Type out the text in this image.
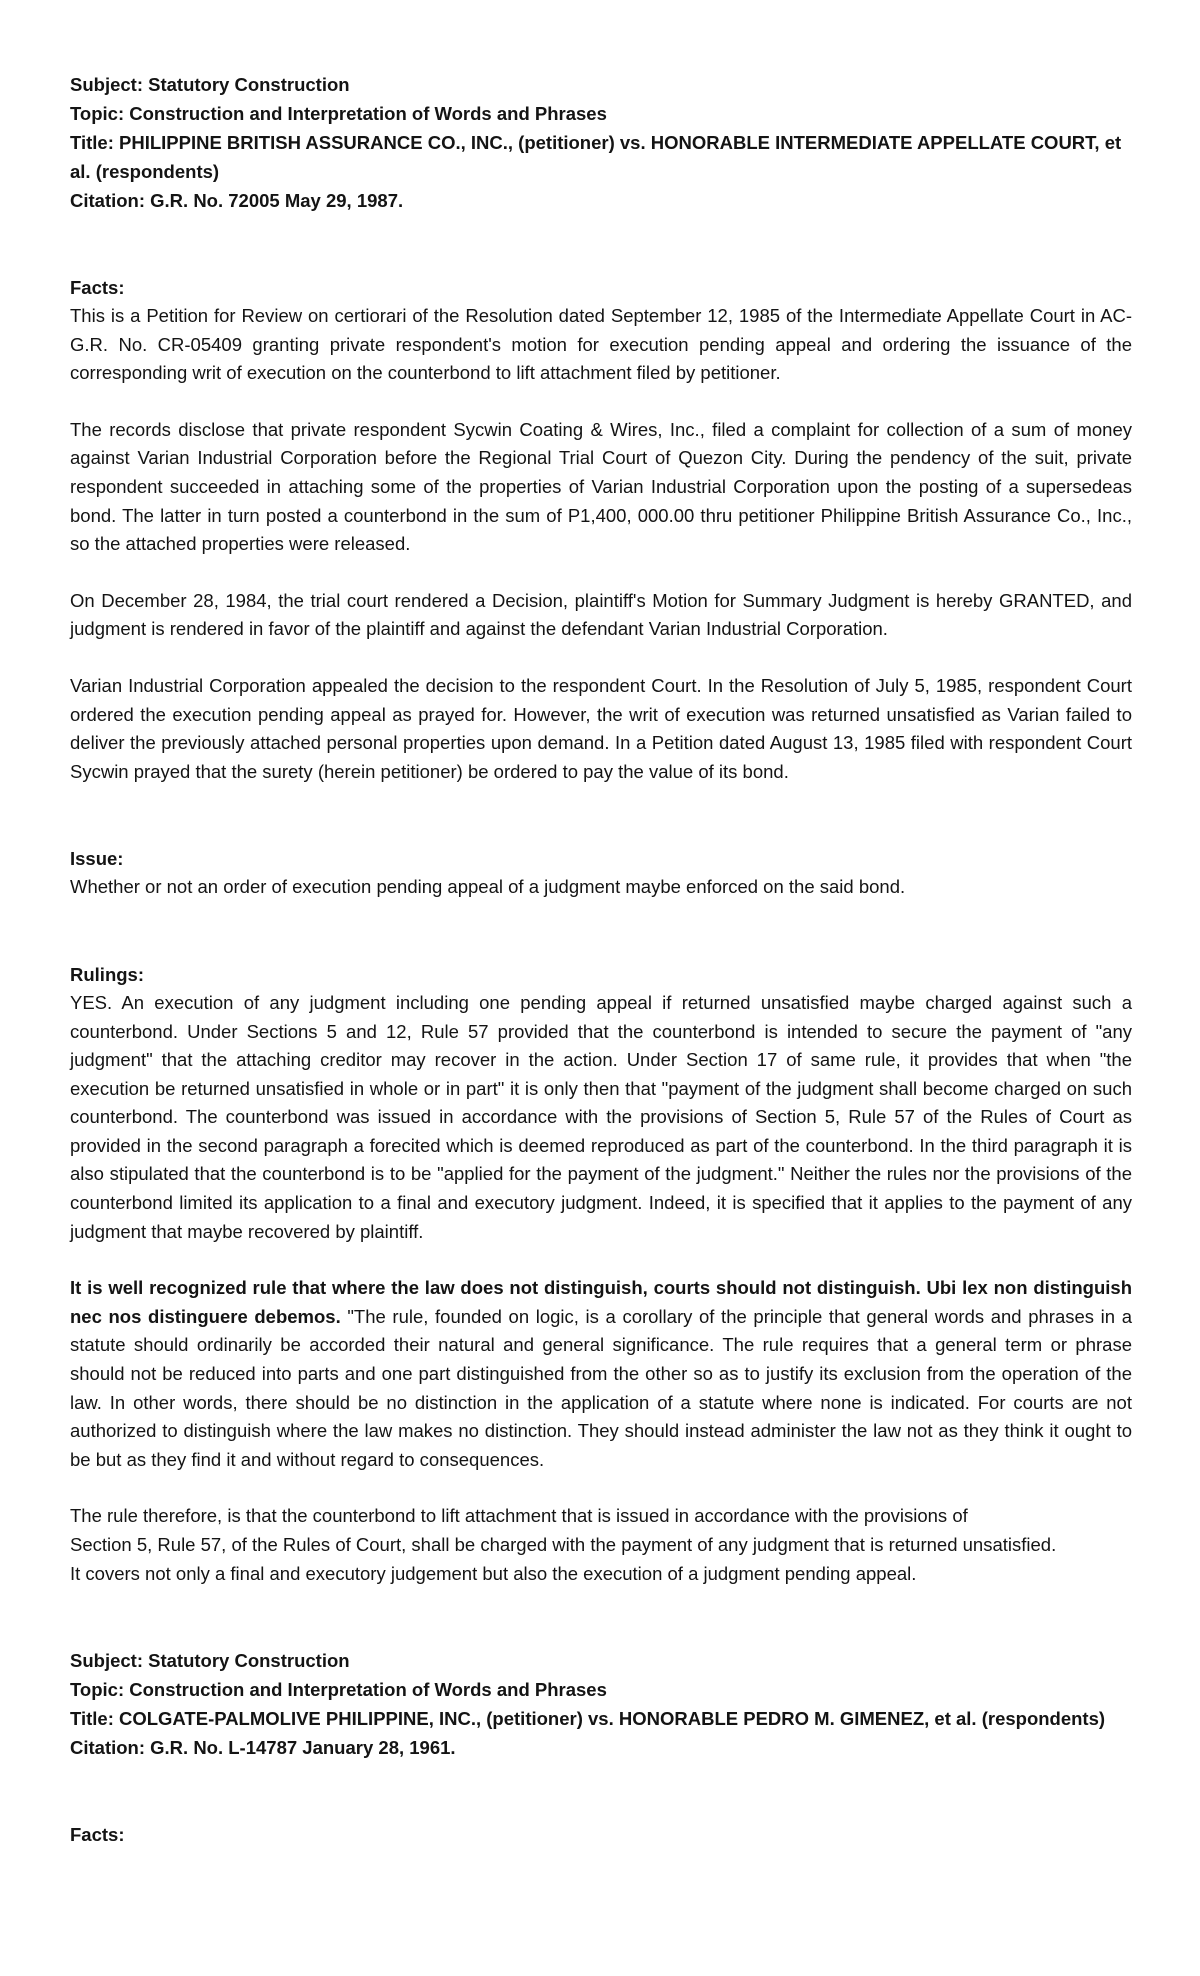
Subject: Statutory Construction
Topic: Construction and Interpretation of Words and Phrases
Title: PHILIPPINE BRITISH ASSURANCE CO., INC., (petitioner) vs. HONORABLE INTERMEDIATE APPELLATE COURT, et al. (respondents)
Citation: G.R. No. 72005 May 29, 1987.
Facts:

This is a Petition for Review on certiorari of the Resolution dated September 12, 1985 of the Intermediate Appellate Court in AC-G.R. No. CR-05409 granting private respondent's motion for execution pending appeal and ordering the issuance of the corresponding writ of execution on the counterbond to lift attachment filed by petitioner.

The records disclose that private respondent Sycwin Coating & Wires, Inc., filed a complaint for collection of a sum of money against Varian Industrial Corporation before the Regional Trial Court of Quezon City. During the pendency of the suit, private respondent succeeded in attaching some of the properties of Varian Industrial Corporation upon the posting of a supersedeas bond. The latter in turn posted a counterbond in the sum of P1,400, 000.00 thru petitioner Philippine British Assurance Co., Inc., so the attached properties were released.

On December 28, 1984, the trial court rendered a Decision, plaintiff's Motion for Summary Judgment is hereby GRANTED, and judgment is rendered in favor of the plaintiff and against the defendant Varian Industrial Corporation.

Varian Industrial Corporation appealed the decision to the respondent Court. In the Resolution of July 5, 1985, respondent Court ordered the execution pending appeal as prayed for. However, the writ of execution was returned unsatisfied as Varian failed to deliver the previously attached personal properties upon demand. In a Petition dated August 13, 1985 filed with respondent Court Sycwin prayed that the surety (herein petitioner) be ordered to pay the value of its bond.

Issue:

Whether or not an order of execution pending appeal of a judgment maybe enforced on the said bond.

Rulings:

YES. An execution of any judgment including one pending appeal if returned unsatisfied maybe charged against such a counterbond. Under Sections 5 and 12, Rule 57 provided that the counterbond is intended to secure the payment of "any judgment" that the attaching creditor may recover in the action. Under Section 17 of same rule, it provides that when "the execution be returned unsatisfied in whole or in part" it is only then that "payment of the judgment shall become charged on such counterbond. The counterbond was issued in accordance with the provisions of Section 5, Rule 57 of the Rules of Court as provided in the second paragraph a forecited which is deemed reproduced as part of the counterbond. In the third paragraph it is also stipulated that the counterbond is to be "applied for the payment of the judgment." Neither the rules nor the provisions of the counterbond limited its application to a final and executory judgment. Indeed, it is specified that it applies to the payment of any judgment that maybe recovered by plaintiff.

It is well recognized rule that where the law does not distinguish, courts should not distinguish. Ubi lex non distinguish nec nos distinguere debemos. "The rule, founded on logic, is a corollary of the principle that general words and phrases in a statute should ordinarily be accorded their natural and general significance. The rule requires that a general term or phrase should not be reduced into parts and one part distinguished from the other so as to justify its exclusion from the operation of the law. In other words, there should be no distinction in the application of a statute where none is indicated. For courts are not authorized to distinguish where the law makes no distinction. They should instead administer the law not as they think it ought to be but as they find it and without regard to consequences.

The rule therefore, is that the counterbond to lift attachment that is issued in accordance with the provisions of
Section 5, Rule 57, of the Rules of Court, shall be charged with the payment of any judgment that is returned unsatisfied.
It covers not only a final and executory judgement but also the execution of a judgment pending appeal.

Subject: Statutory Construction
Topic: Construction and Interpretation of Words and Phrases
Title: COLGATE-PALMOLIVE PHILIPPINE, INC., (petitioner) vs. HONORABLE PEDRO M. GIMENEZ, et al. (respondents)
Citation: G.R. No. L-14787 January 28, 1961.
Facts:
